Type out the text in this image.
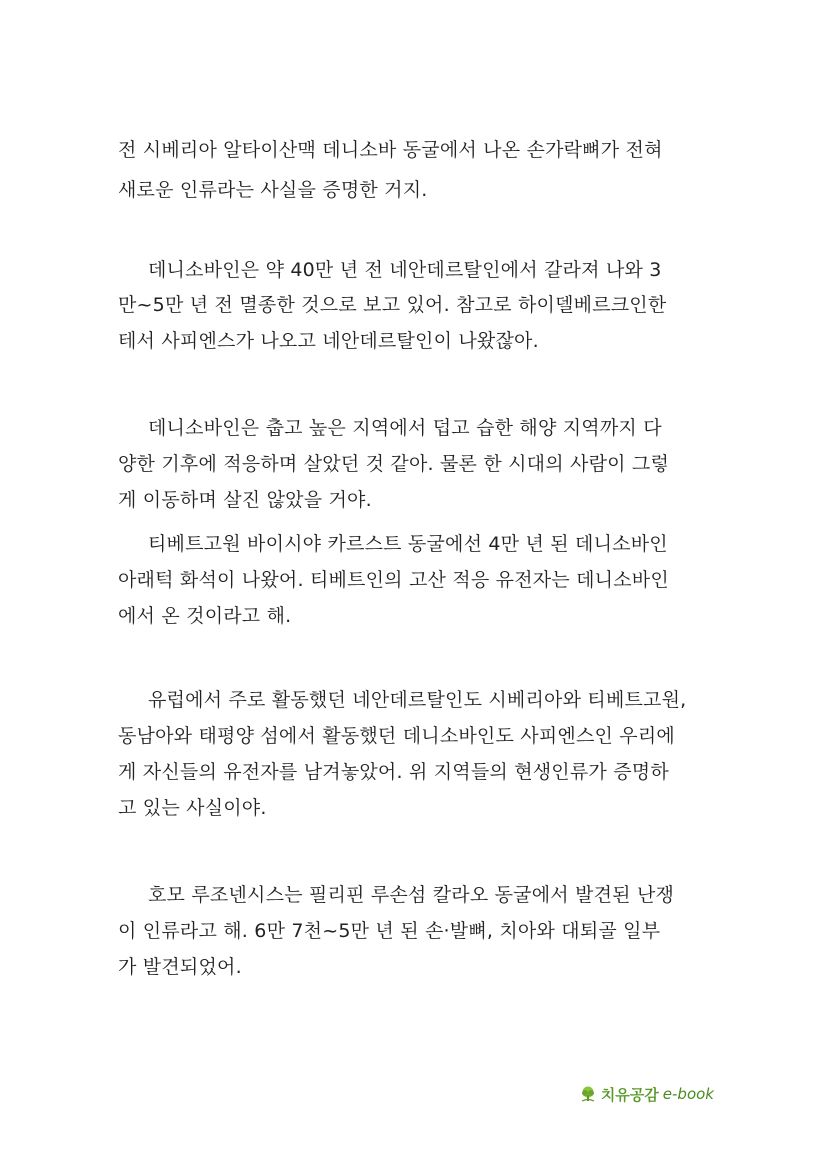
전 시베리아 알타이산맥 데니소바 동굴에서 나온 손가락뼈가 전혀
새로운 인류라는 사실을 증명한 거지.
데니소바인은 약 40만 년 전 네안데르탈인에서 갈라져 나와 3
만~5만 년 전 멸종한 것으로 보고 있어. 참고로 하이델베르크인한
테서 사피엔스가 나오고 네안데르탈인이 나왔잖아.
데니소바인은 춥고 높은 지역에서 덥고 습한 해양 지역까지 다
양한 기후에 적응하며 살았던 것 같아. 물론 한 시대의 사람이 그렇
게 이동하며 살진 않았을 거야.
티베트고원 바이시야 카르스트 동굴에선 4만 년 된 데니소바인
아래턱 화석이 나왔어. 티베트인의 고산 적응 유전자는 데니소바인
에서 온 것이라고 해.
유럽에서 주로 활동했던 네안데르탈인도 시베리아와 티베트고원,
동남아와 태평양 섬에서 활동했던 데니소바인도 사피엔스인 우리에
게 자신들의 유전자를 남겨놓았어. 위 지역들의 현생인류가 증명하
고 있는 사실이야.
호모 루조넨시스는 필리핀 루손섬 칼라오 동굴에서 발견된 난쟁
이 인류라고 해. 6만 7천~5만 년 된 손·발뼈, 치아와 대퇴골 일부
가 발견되었어.
치유공감 e-book
